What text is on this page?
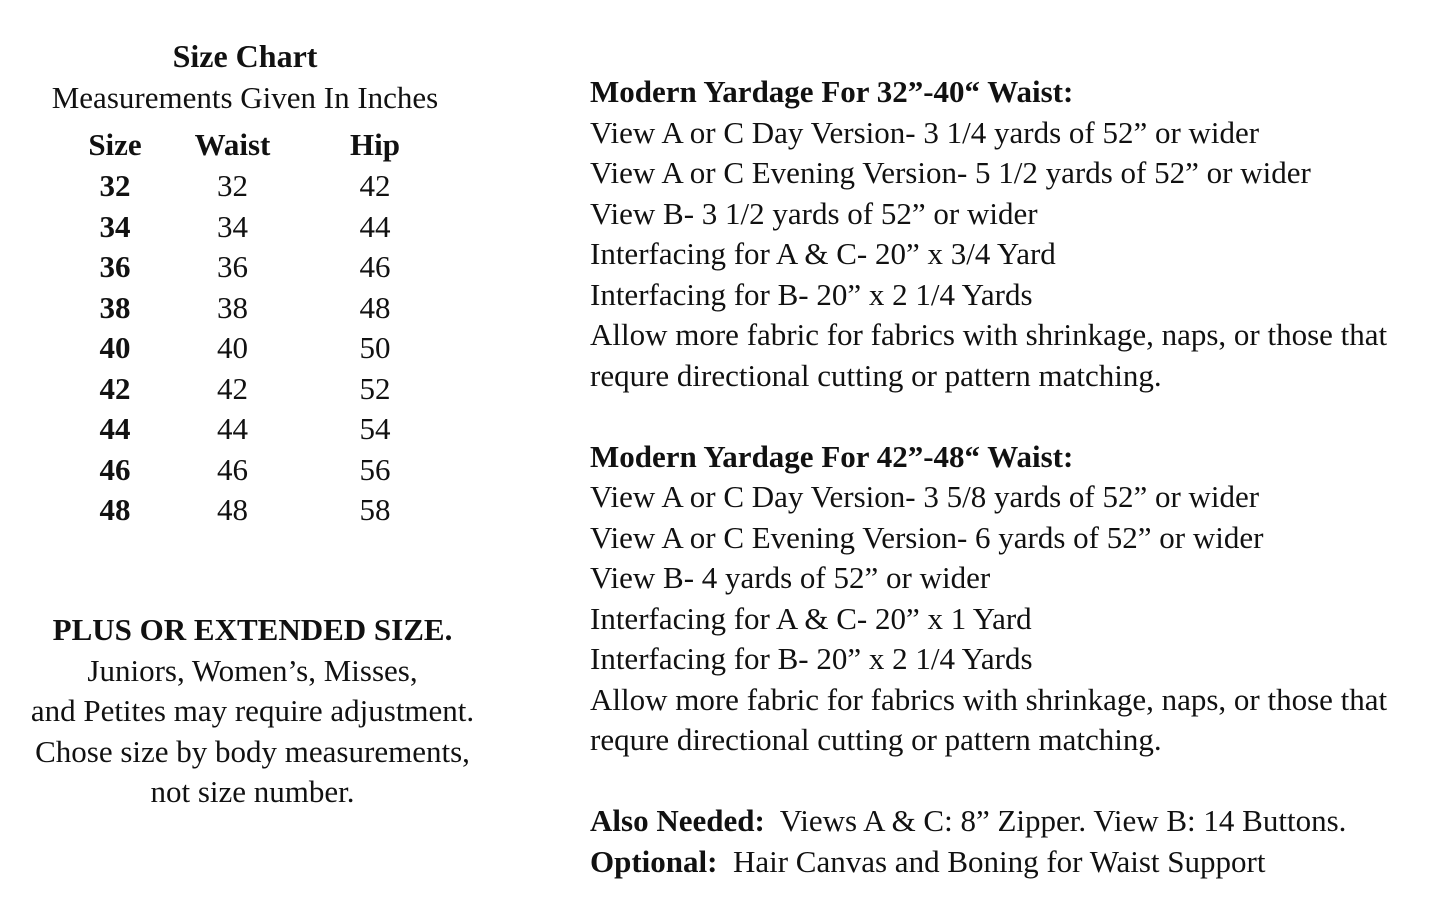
Size Chart
Measurements Given In Inches
Size	Waist	Hip
32	32	42
34	34	44
36	36	46
38	38	48
40	40	50
42	42	52
44	44	54
46	46	56
48	48	58
PLUS OR EXTENDED SIZE.
Juniors, Women’s, Misses,
and Petites may require adjustment.
Chose size by body measurements,
not size number.
Modern Yardage For 32”-40“ Waist:
View A or C Day Version- 3 1/4 yards of 52” or wider
View A or C Evening Version- 5 1/2 yards of 52” or wider
View B- 3 1/2 yards of 52” or wider
Interfacing for A & C- 20” x 3/4 Yard
Interfacing for B- 20” x 2 1/4 Yards
Allow more fabric for fabrics with shrinkage, naps, or those that requre directional cutting or pattern matching.
Modern Yardage For 42”-48“ Waist:
View A or C Day Version- 3 5/8 yards of 52” or wider
View A or C Evening Version- 6 yards of 52” or wider
View B- 4 yards of 52” or wider
Interfacing for A & C- 20” x 1 Yard
Interfacing for B- 20” x 2 1/4 Yards
Allow more fabric for fabrics with shrinkage, naps, or those that requre directional cutting or pattern matching.
Also Needed: Views A & C: 8” Zipper. View B: 14 Buttons.
Optional: Hair Canvas and Boning for Waist Support
